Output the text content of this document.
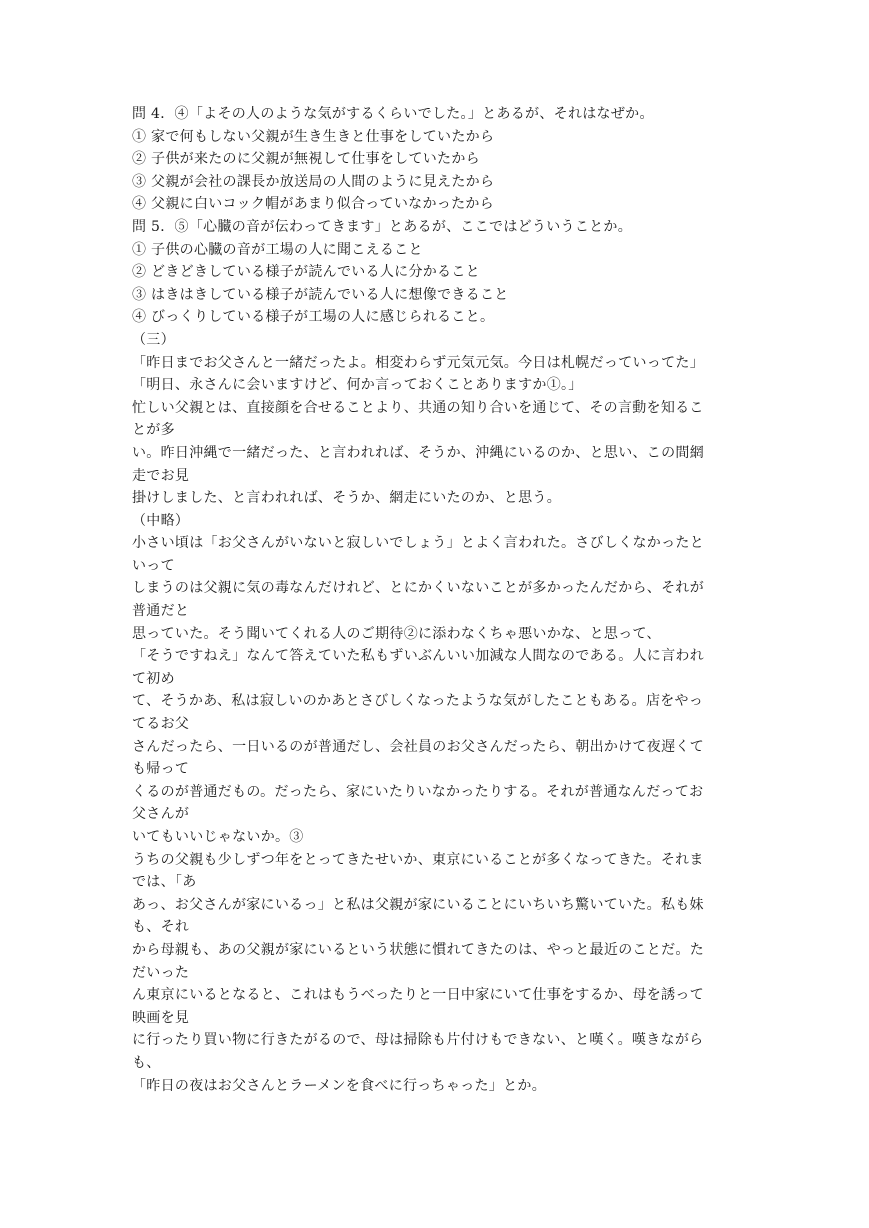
問 4．④「よその人のような気がするくらいでした。」とあるが、それはなぜか。
① 家で何もしない父親が生き生きと仕事をしていたから
② 子供が来たのに父親が無視して仕事をしていたから
③ 父親が会社の課長か放送局の人間のように見えたから
④ 父親に白いコック帽があまり似合っていなかったから
問 5．⑤「心臓の音が伝わってきます」とあるが、ここではどういうことか。
① 子供の心臓の音が工場の人に聞こえること
② どきどきしている様子が読んでいる人に分かること
③ はきはきしている様子が読んでいる人に想像できること
④ びっくりしている様子が工場の人に感じられること。
（三）
「昨日までお父さんと一緒だったよ。相変わらず元気元気。今日は札幌だっていってた」
「明日、永さんに会いますけど、何か言っておくことありますか①。」
忙しい父親とは、直接顔を合せることより、共通の知り合いを通じて、その言動を知るこ
とが多
い。昨日沖縄で一緒だった、と言われれば、そうか、沖縄にいるのか、と思い、この間網
走でお見
掛けしました、と言われれば、そうか、網走にいたのか、と思う。
（中略）
小さい頃は「お父さんがいないと寂しいでしょう」とよく言われた。さびしくなかったと
いって
しまうのは父親に気の毒なんだけれど、とにかくいないことが多かったんだから、それが
普通だと
思っていた。そう聞いてくれる人のご期待②に添わなくちゃ悪いかな、と思って、
「そうですねえ」なんて答えていた私もずいぶんいい加減な人間なのである。人に言われ
て初め
て、そうかあ、私は寂しいのかあとさびしくなったような気がしたこともある。店をやっ
てるお父
さんだったら、一日いるのが普通だし、会社員のお父さんだったら、朝出かけて夜遅くて
も帰って
くるのが普通だもの。だったら、家にいたりいなかったりする。それが普通なんだってお
父さんが
いてもいいじゃないか。③
うちの父親も少しずつ年をとってきたせいか、東京にいることが多くなってきた。それま
では、「あ
あっ、お父さんが家にいるっ」と私は父親が家にいることにいちいち驚いていた。私も妹
も、それ
から母親も、あの父親が家にいるという状態に慣れてきたのは、やっと最近のことだ。た
だいった
ん東京にいるとなると、これはもうべったりと一日中家にいて仕事をするか、母を誘って
映画を見
に行ったり買い物に行きたがるので、母は掃除も片付けもできない、と嘆く。嘆きながら
も、
「昨日の夜はお父さんとラーメンを食べに行っちゃった」とか。
